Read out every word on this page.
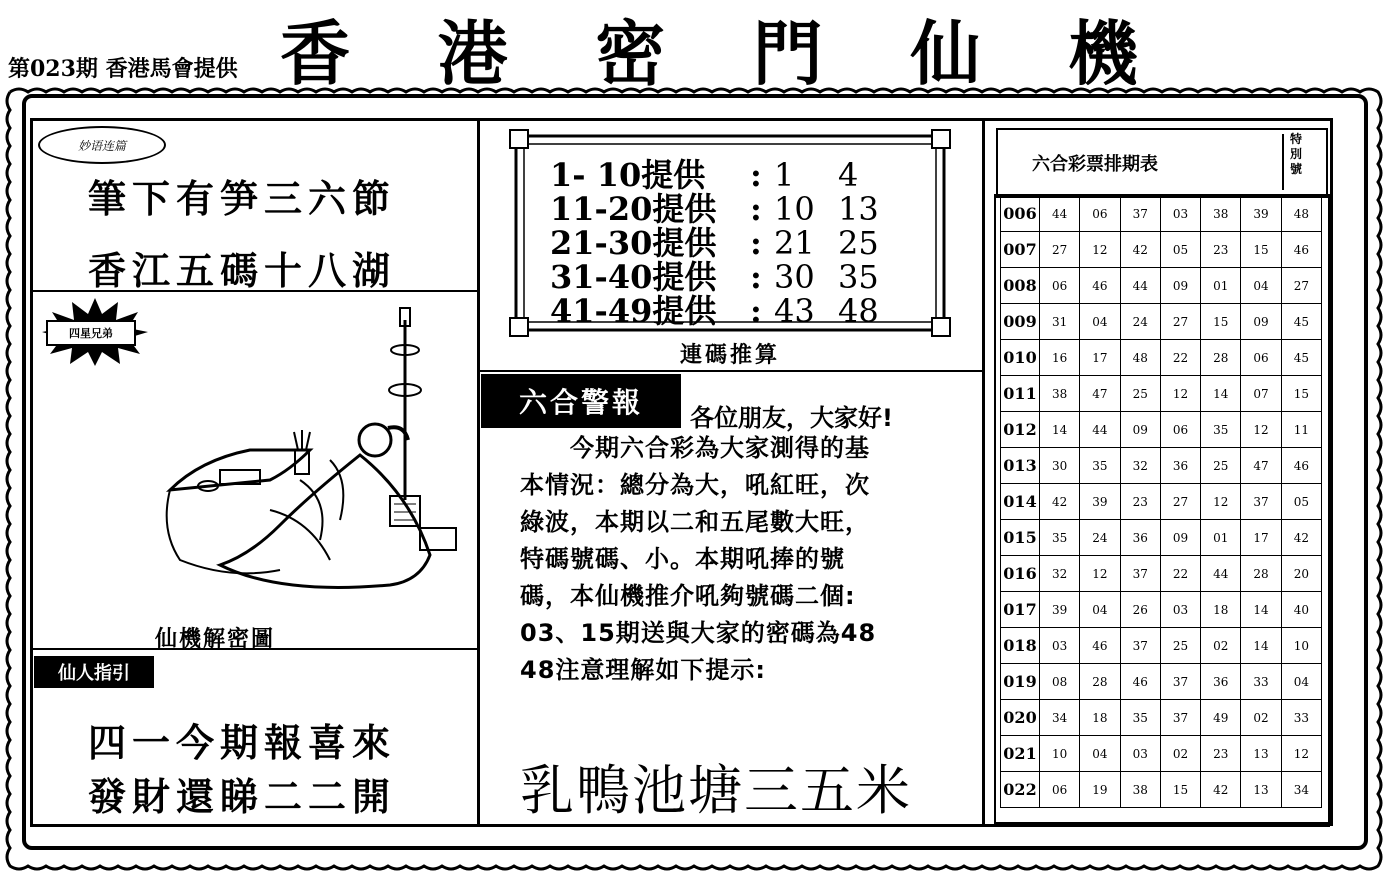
第023期 香港馬會提供 香 港 密 門 仙 機
妙语连篇
筆下有笋三六節
香江五碼十八湖
四星兄弟
仙機解密圖
仙人指引
四一今期報喜來
發財還睇二二開
1- 10提供 : 1 4
11-20提供 : 10 13
21-30提供 : 21 25
31-40提供 : 30 35
41-49提供 : 43 48
連碼推算
六合警報	各位朋友，大家好!
今期六合彩為大家測得的基
本情況：總分為大，吼紅旺，次
綠波，本期以二和五尾數大旺，
特碼號碼、小。本期吼捧的號
碼，本仙機推介吼夠號碼二個:
03、15期送與大家的密碼為48
48注意理解如下提示:
乳鴨池塘三五米
六合彩票排期表
特別號
006	44	06	37	03	38	39	48
007	27	12	42	05	23	15	46
008	06	46	44	09	01	04	27
009	31	04	24	27	15	09	45
010	16	17	48	22	28	06	45
011	38	47	25	12	14	07	15
012	14	44	09	06	35	12	11
013	30	35	32	36	25	47	46
014	42	39	23	27	12	37	05
015	35	24	36	09	01	17	42
016	32	12	37	22	44	28	20
017	39	04	26	03	18	14	40
018	03	46	37	25	02	14	10
019	08	28	46	37	36	33	04
020	34	18	35	37	49	02	33
021	10	04	03	02	23	13	12
022	06	19	38	15	42	13	34
